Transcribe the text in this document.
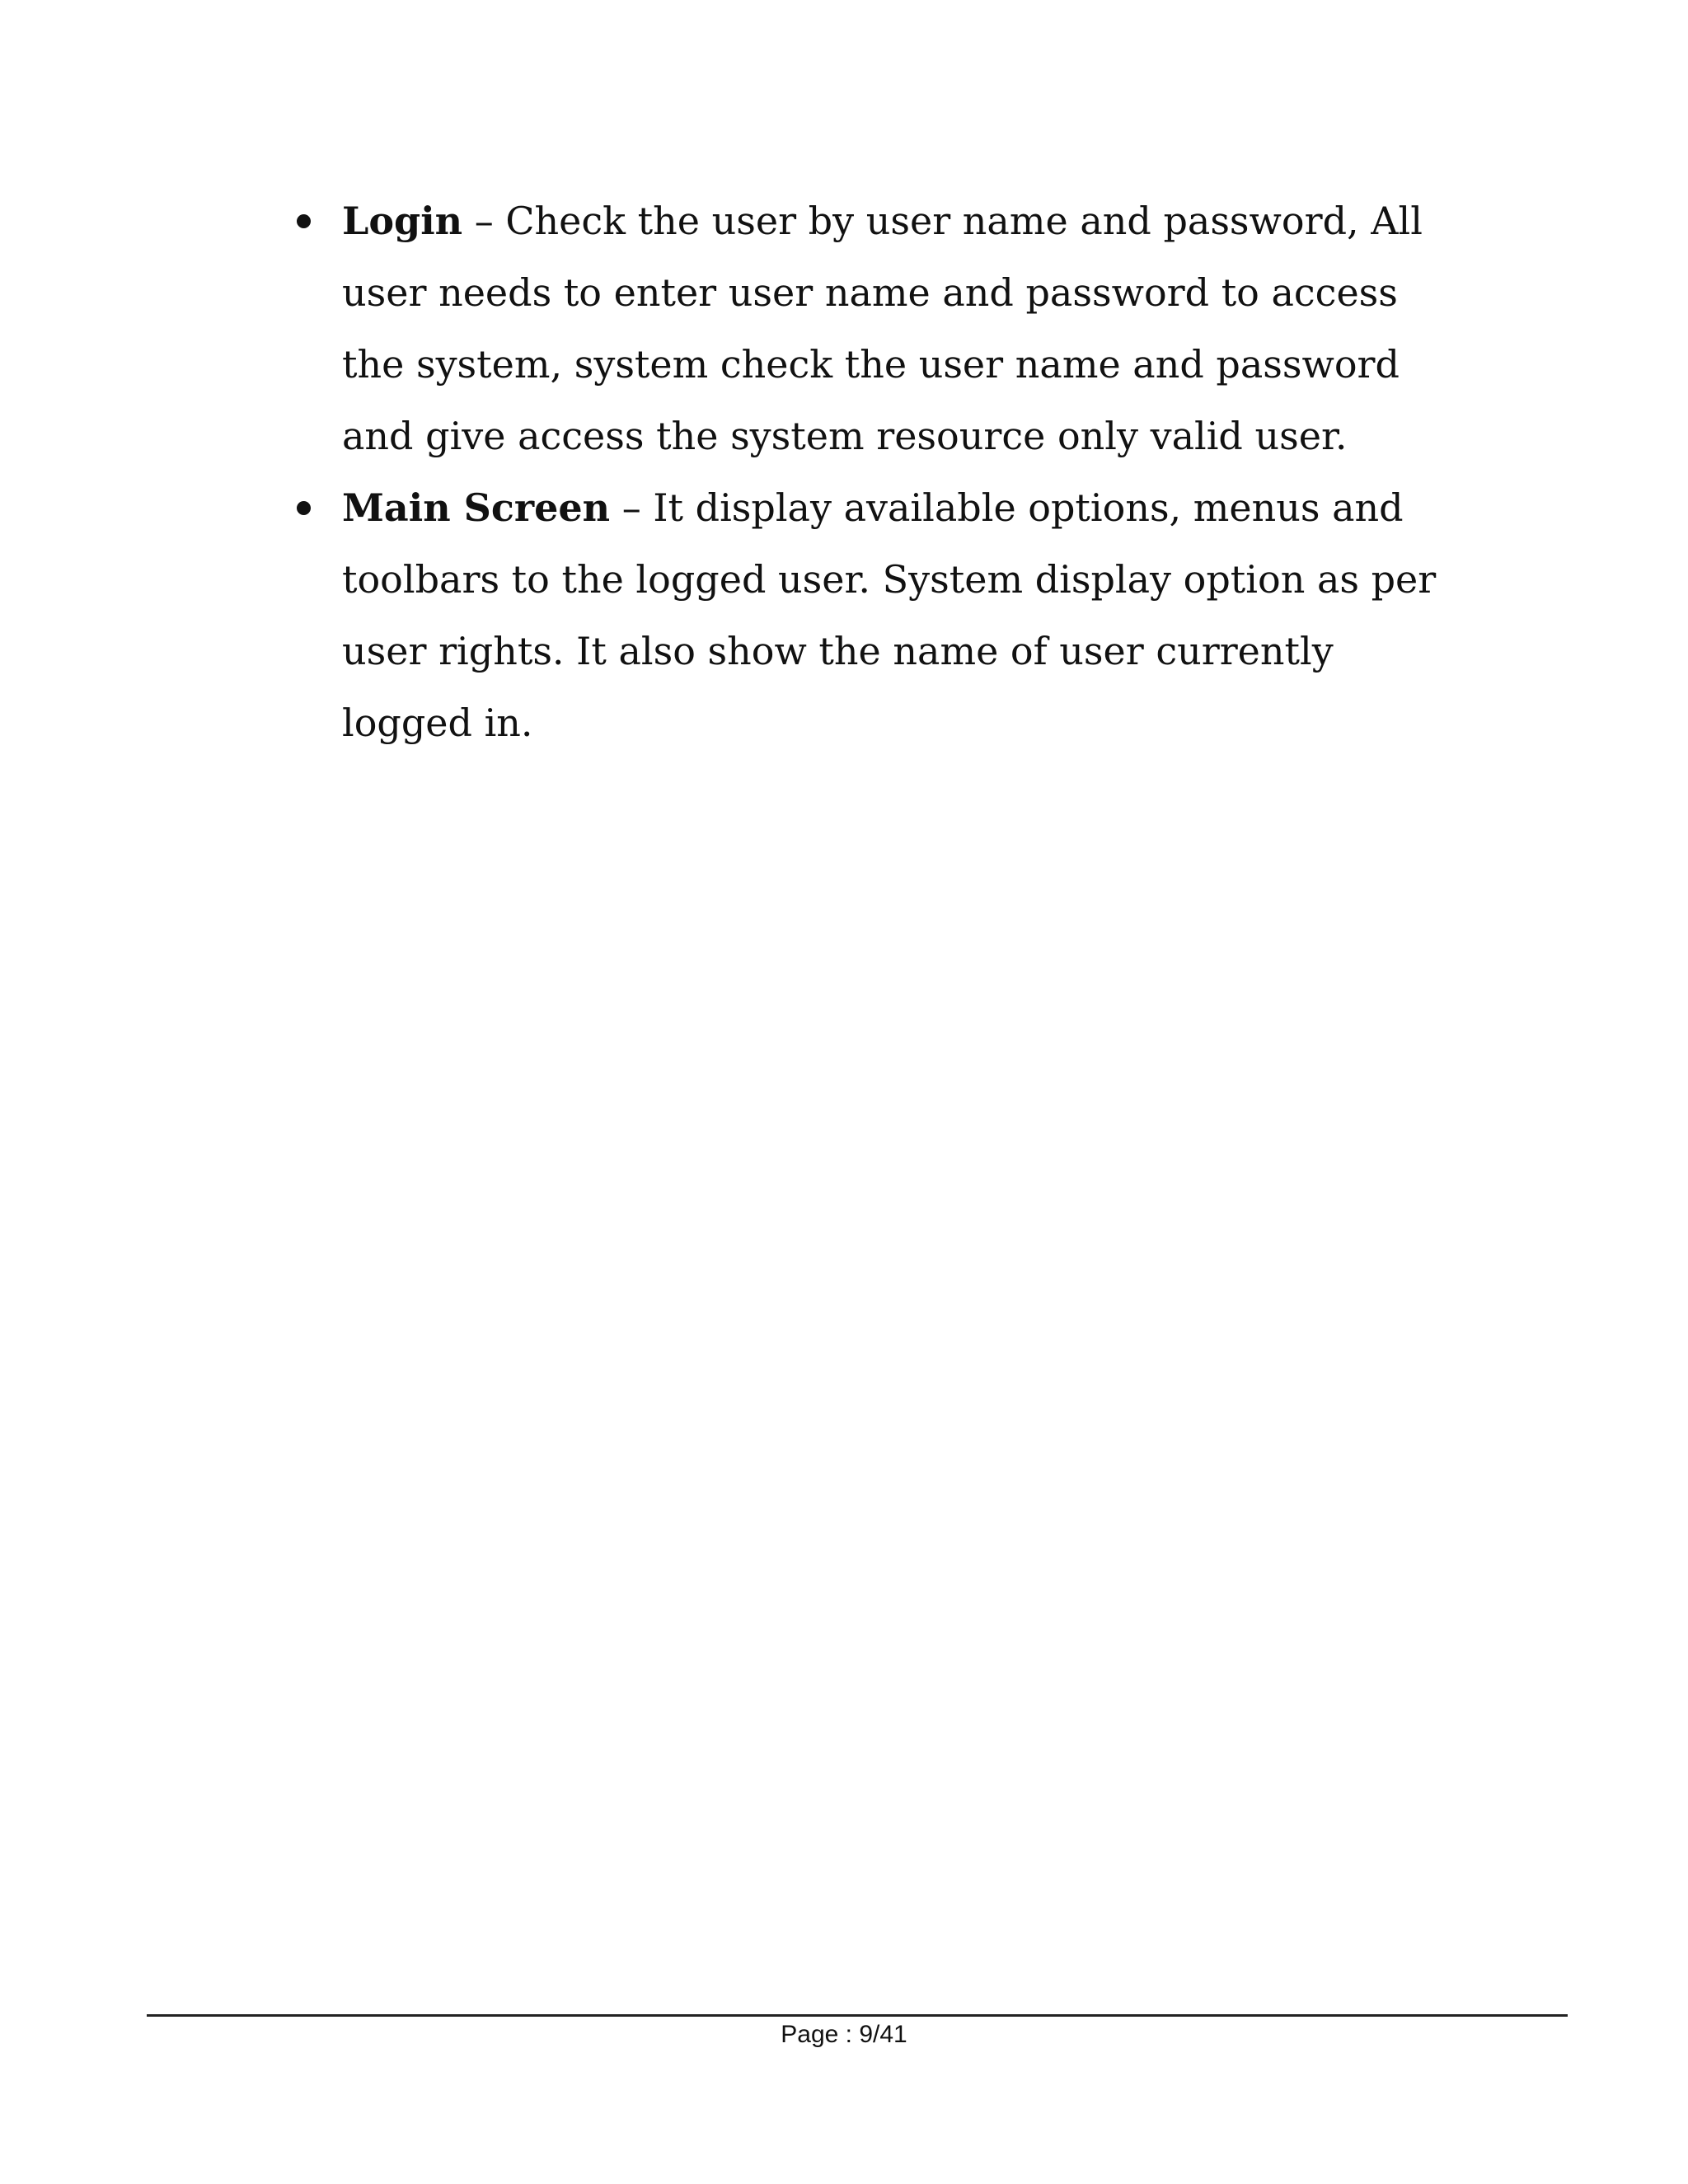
Login – Check the user by user name and password, All user needs to enter user name and password to access the system, system check the user name and password and give access the system resource only valid user.
Main Screen – It display available options, menus and toolbars to the logged user. System display option as per user rights. It also show the name of user currently logged in.
Page : 9/41
